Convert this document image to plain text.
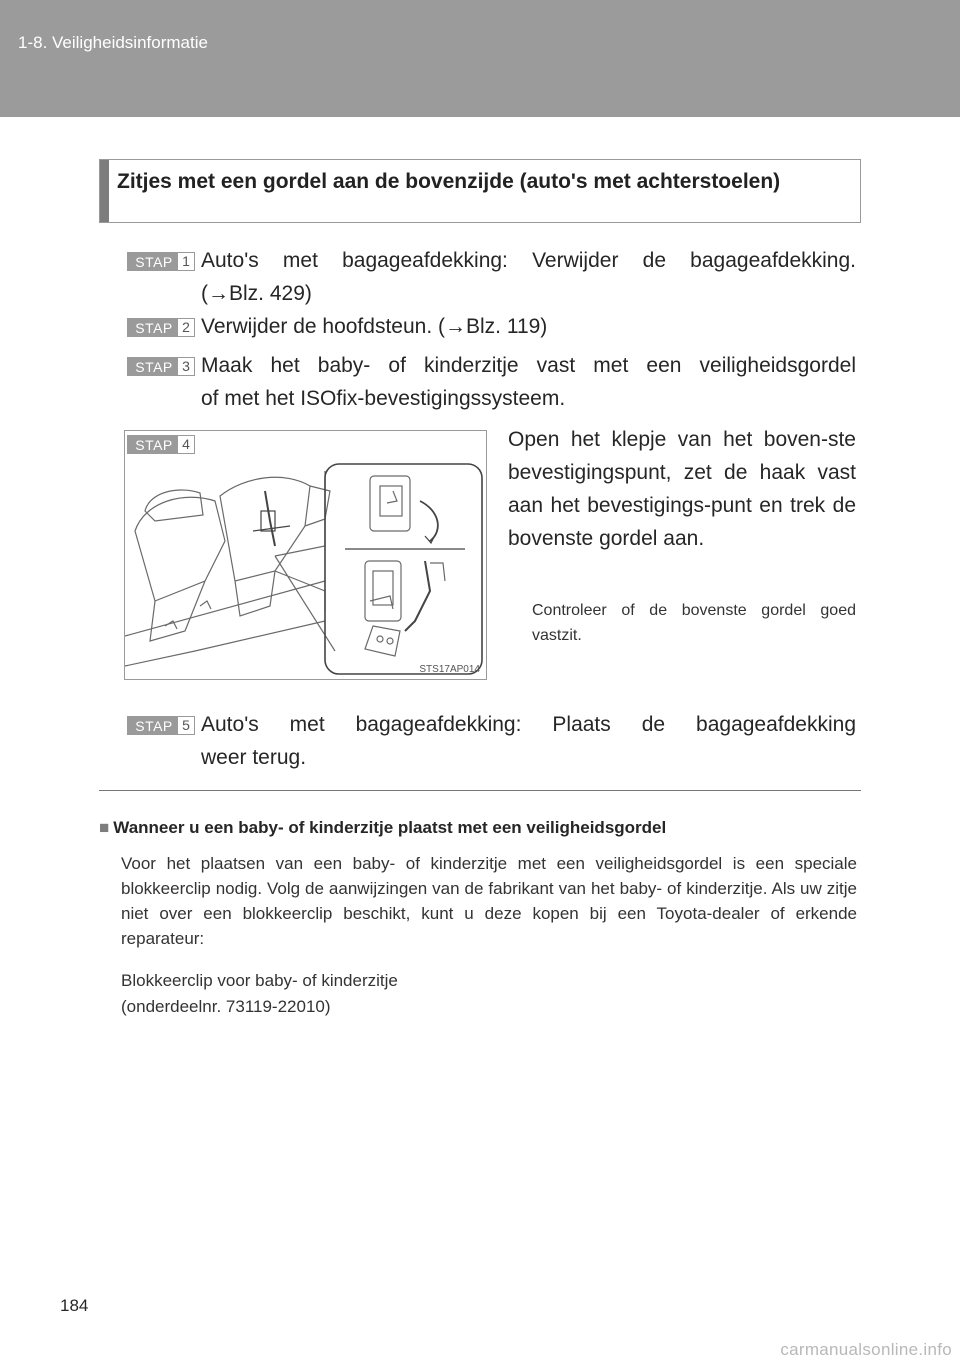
1-8. Veiligheidsinformatie
Zitjes met een gordel aan de bovenzijde (auto's met achterstoelen)
STAP 1 Auto's met bagageafdekking: Verwijder de bagageafdekking.
(→Blz. 429)
STAP 2 Verwijder de hoofdsteun. (→Blz. 119)
STAP 3 Maak het baby- of kinderzitje vast met een veiligheidsgordel
of met het ISOfix-bevestigingssysteem.
STAP 4
STS17AP014
Open het klepje van het boven-ste bevestigingspunt, zet de haak vast aan het bevestigings-punt en trek de bovenste gordel aan.
Controleer of de bovenste gordel goed vastzit.
STAP 5 Auto's met bagageafdekking: Plaats de bagageafdekking
weer terug.
■ Wanneer u een baby- of kinderzitje plaatst met een veiligheidsgordel
Voor het plaatsen van een baby- of kinderzitje met een veiligheidsgordel is een speciale blokkeerclip nodig. Volg de aanwijzingen van de fabrikant van het baby- of kinderzitje. Als uw zitje niet over een blokkeerclip beschikt, kunt u deze kopen bij een Toyota-dealer of erkende reparateur:
Blokkeerclip voor baby- of kinderzitje
(onderdeelnr. 73119-22010)
184
carmanualsonline.info
